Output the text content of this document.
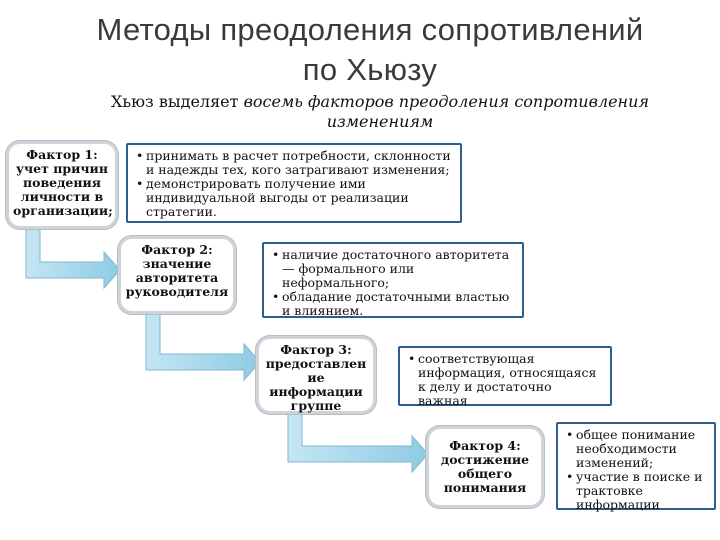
Методы преодоления сопротивлений
по Хьюзу
Хьюз выделяет восемь факторов преодоления сопротивления изменениям
Фактор 1: учет причин поведения личности в организации;
• принимать в расчет потребности, склонности и надежды тех, кого затрагивают изменения;
• демонстрировать получение ими индивидуальной выгоды от реализации стратегии.
Фактор 2: значение авторитета руководителя
• наличие достаточного авторитета — формального или неформального;
• обладание достаточными властью и влиянием.
Фактор 3: предоставлен ие информации группе
• соответствующая информация, относящаяся к делу и достаточно важная
Фактор 4: достижение общего понимания
• общее понимание необходимости изменений;
• участие в поиске и трактовке информации
